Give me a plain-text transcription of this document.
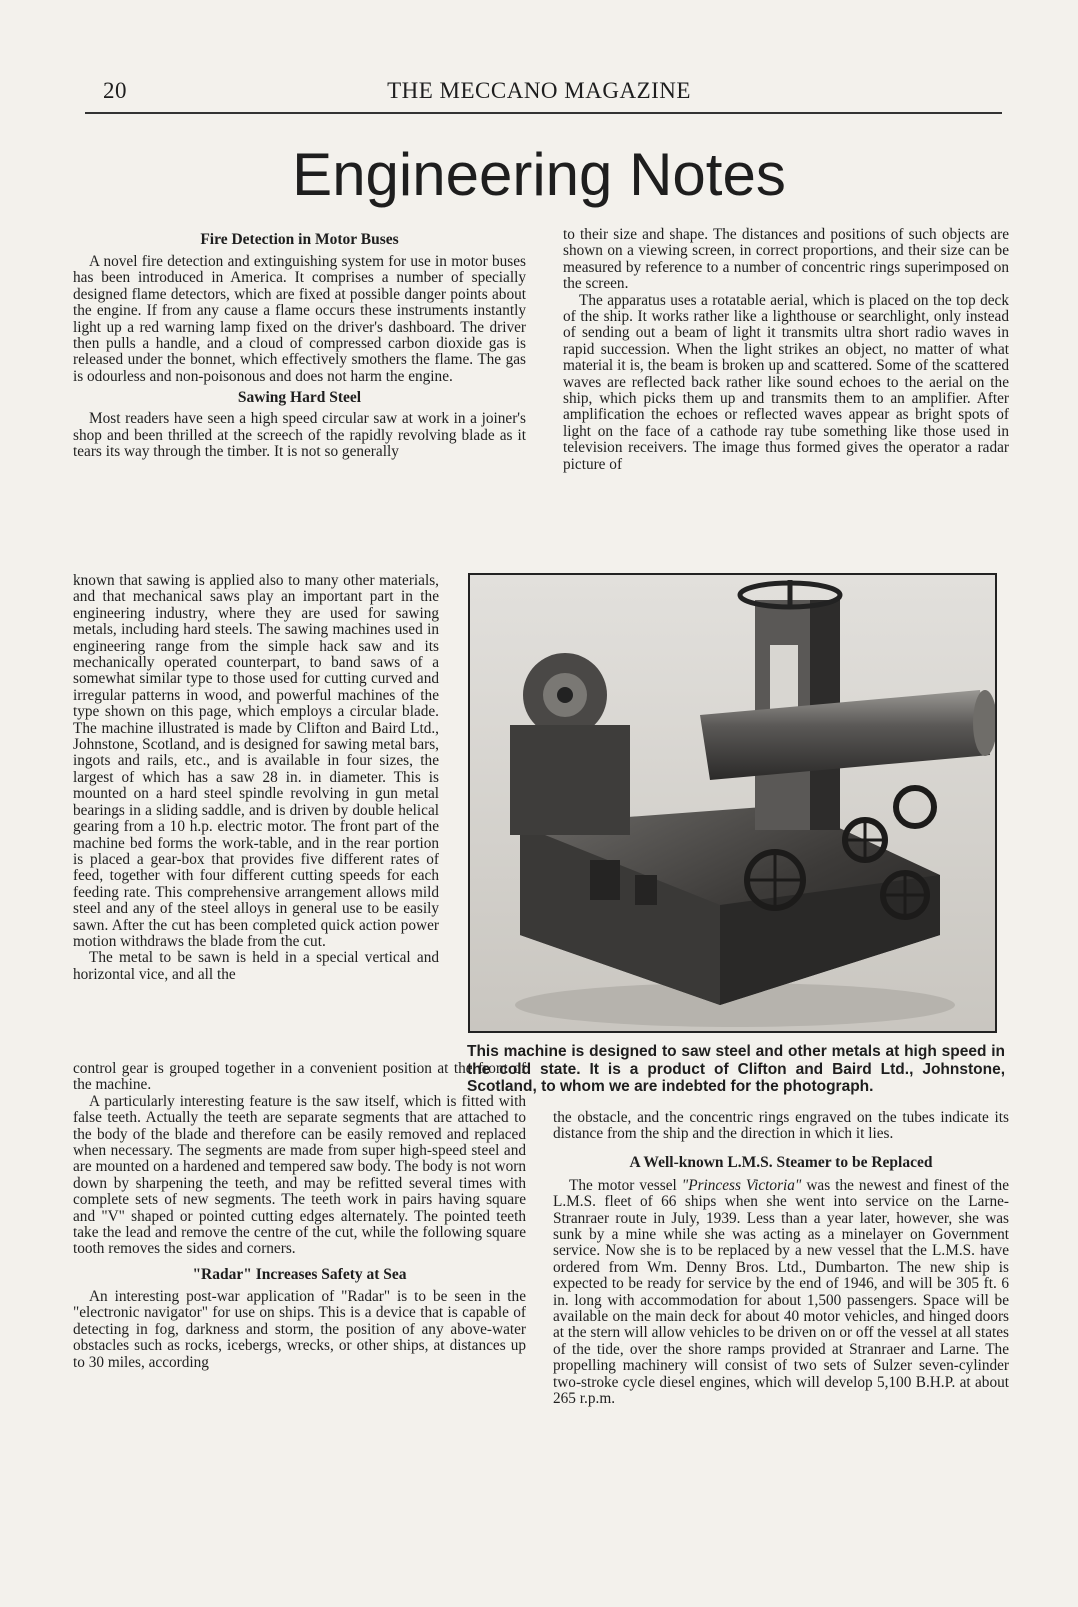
20	THE MECCANO MAGAZINE
Engineering Notes
Fire Detection in Motor Buses

A novel fire detection and extinguishing system for use in motor buses has been introduced in America. It comprises a number of specially designed flame detectors, which are fixed at possible danger points about the engine. If from any cause a flame occurs these instruments instantly light up a red warning lamp fixed on the driver's dashboard. The driver then pulls a handle, and a cloud of compressed carbon dioxide gas is released under the bonnet, which effectively smothers the flame. The gas is odourless and non-poisonous and does not harm the engine.

Sawing Hard Steel

Most readers have seen a high speed circular saw at work in a joiner's shop and been thrilled at the screech of the rapidly revolving blade as it tears its way through the timber. It is not so generally

to their size and shape. The distances and positions of such objects are shown on a viewing screen, in correct proportions, and their size can be measured by reference to a number of concentric rings superimposed on the screen.

The apparatus uses a rotatable aerial, which is placed on the top deck of the ship. It works rather like a lighthouse or searchlight, only instead of sending out a beam of light it transmits ultra short radio waves in rapid succession. When the light strikes an object, no matter of what material it is, the beam is broken up and scattered. Some of the scattered waves are reflected back rather like sound echoes to the aerial on the ship, which picks them up and transmits them to an amplifier. After amplification the echoes or reflected waves appear as bright spots of light on the face of a cathode ray tube something like those used in television receivers. The image thus formed gives the operator a radar picture of

known that sawing is applied also to many other materials, and that mechanical saws play an important part in the engineering industry, where they are used for sawing metals, including hard steels. The sawing machines used in engineering range from the simple hack saw and its mechanically operated counterpart, to band saws of a somewhat similar type to those used for cutting curved and irregular patterns in wood, and powerful machines of the type shown on this page, which employs a circular blade. The machine illustrated is made by Clifton and Baird Ltd., Johnstone, Scotland, and is designed for sawing metal bars, ingots and rails, etc., and is available in four sizes, the largest of which has a saw 28 in. in diameter. This is mounted on a hard steel spindle revolving in gun metal bearings in a sliding saddle, and is driven by double helical gearing from a 10 h.p. electric motor. The front part of the machine bed forms the work-table, and in the rear portion is placed a gear-box that provides five different rates of feed, together with four different cutting speeds for each feeding rate. This comprehensive arrangement allows mild steel and any of the steel alloys in general use to be easily sawn. After the cut has been completed quick action power motion withdraws the blade from the cut.

The metal to be sawn is held in a special vertical and horizontal vice, and all the

This machine is designed to saw steel and other metals at high speed in the cold state. It is a product of Clifton and Baird Ltd., Johnstone, Scotland, to whom we are indebted for the photograph.

control gear is grouped together in a convenient position at the front of the machine.

A particularly interesting feature is the saw itself, which is fitted with false teeth. Actually the teeth are separate segments that are attached to the body of the blade and therefore can be easily removed and replaced when necessary. The segments are made from super high-speed steel and are mounted on a hardened and tempered saw body. The body is not worn down by sharpening the teeth, and may be refitted several times with complete sets of new segments. The teeth work in pairs having square and "V" shaped or pointed cutting edges alternately. The pointed teeth take the lead and remove the centre of the cut, while the following square tooth removes the sides and corners.

"Radar" Increases Safety at Sea

An interesting post-war application of "Radar" is to be seen in the "electronic navigator" for use on ships. This is a device that is capable of detecting in fog, darkness and storm, the position of any above-water obstacles such as rocks, icebergs, wrecks, or other ships, at distances up to 30 miles, according

the obstacle, and the concentric rings engraved on the tubes indicate its distance from the ship and the direction in which it lies.

A Well-known L.M.S. Steamer to be Replaced

The motor vessel "Princess Victoria" was the newest and finest of the L.M.S. fleet of 66 ships when she went into service on the Larne-Stranraer route in July, 1939. Less than a year later, however, she was sunk by a mine while she was acting as a minelayer on Government service. Now she is to be replaced by a new vessel that the L.M.S. have ordered from Wm. Denny Bros. Ltd., Dumbarton. The new ship is expected to be ready for service by the end of 1946, and will be 305 ft. 6 in. long with accommodation for about 1,500 passengers. Space will be available on the main deck for about 40 motor vehicles, and hinged doors at the stern will allow vehicles to be driven on or off the vessel at all states of the tide, over the shore ramps provided at Stranraer and Larne. The propelling machinery will consist of two sets of Sulzer seven-cylinder two-stroke cycle diesel engines, which will develop 5,100 B.H.P. at about 265 r.p.m.
